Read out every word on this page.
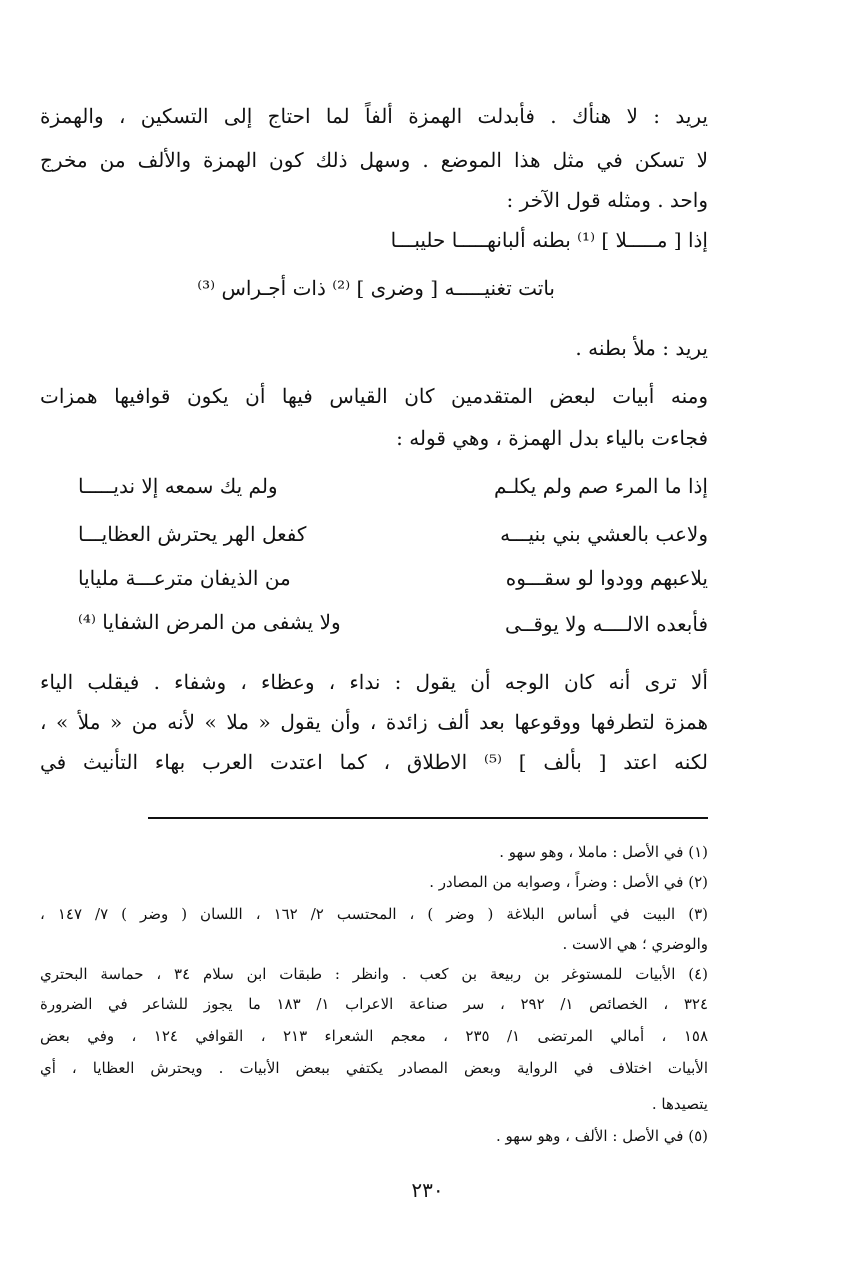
يريد : لا هنأك . فأبدلت الهمزة ألفاً لما احتاج إلى التسكين ، والهمزة
لا تسكن في مثل هذا الموضع . وسهل ذلك كون الهمزة والألف من مخرج
واحد . ومثله قول الآخر :
إذا [ مـــــلا ] ⁽¹⁾ بطنه ألبانهـــــا حليبـــا
باتت تغنيـــــه [ وضرى ] ⁽²⁾ ذات أجـراس ⁽³⁾
يريد : ملأ بطنه .
ومنه أبيات لبعض المتقدمين كان القياس فيها أن يكون قوافيها همزات
فجاءت بالياء بدل الهمزة ، وهي قوله :
إذا ما المرء صم ولم يكلـم
ولم يك سمعه إلا نديـــــا
ولاعب بالعشي بني بنيـــه
كفعل الهر يحترش العظايـــا
يلاعبهم وودوا لو سقـــوه
من الذيفان مترعـــة مليايا
فأبعده الالــــه ولا يوقــى
ولا يشفى من المرض الشفايا ⁽⁴⁾
ألا ترى أنه كان الوجه أن يقول : نداء ، وعظاء ، وشفاء . فيقلب الياء
همزة لتطرفها ووقوعها بعد ألف زائدة ، وأن يقول « ملا » لأنه من « ملأ » ،
لكنه اعتد [ بألف ] ⁽⁵⁾ الاطلاق ، كما اعتدت العرب بهاء التأنيث في
(١) في الأصل : ماملا ، وهو سهو .
(٢) في الأصل : وضراً ، وصوابه من المصادر .
(٣) البيت في أساس البلاغة ( وضر ) ، المحتسب ٢/ ١٦٢ ، اللسان ( وضر ) ٧/ ١٤٧ ،
والوضري ؛ هي الاست .
(٤) الأبيات للمستوغر بن ربيعة بن كعب . وانظر : طبقات ابن سلام ٣٤ ، حماسة البحتري
٣٢٤ ، الخصائص ١/ ٢٩٢ ، سر صناعة الاعراب ١/ ١٨٣ ما يجوز للشاعر في الضرورة
١٥٨ ، أمالي المرتضى ١/ ٢٣٥ ، معجم الشعراء ٢١٣ ، القوافي ١٢٤ ، وفي بعض
الأبيات اختلاف في الرواية وبعض المصادر يكتفي ببعض الأبيات . ويحترش العظايا ، أي
يتصيدها .
(٥) في الأصل : الألف ، وهو سهو .
٢٣٠
